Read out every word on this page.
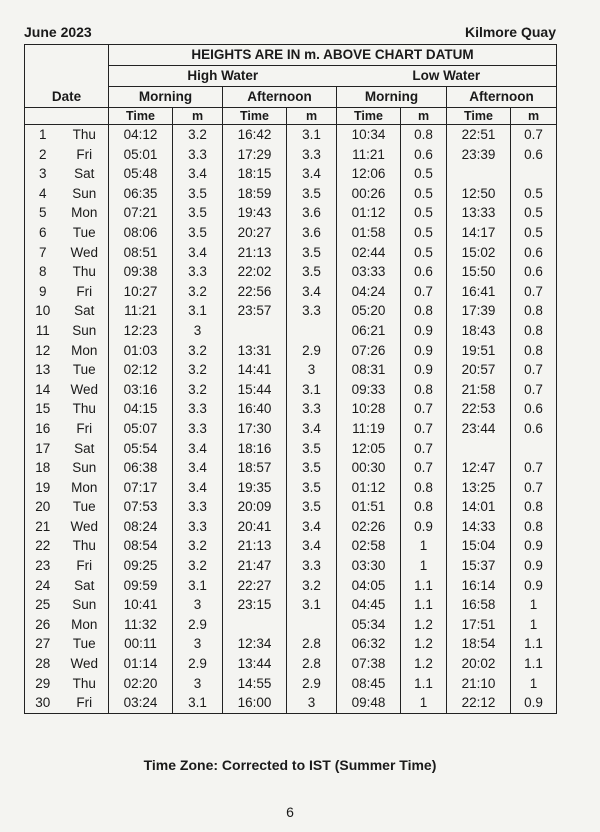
June 2023	Kilmore Quay
		HEIGHTS ARE IN m. ABOVE CHART DATUM							
		High Water				Low Water			
Date		Morning		Afternoon		Morning		Afternoon	
		Time	m	Time	m	Time	m	Time	m
1	Thu	04:12	3.2	16:42	3.1	10:34	0.8	22:51	0.7
2	Fri	05:01	3.3	17:29	3.3	11:21	0.6	23:39	0.6
3	Sat	05:48	3.4	18:15	3.4	12:06	0.5		
4	Sun	06:35	3.5	18:59	3.5	00:26	0.5	12:50	0.5
5	Mon	07:21	3.5	19:43	3.6	01:12	0.5	13:33	0.5
6	Tue	08:06	3.5	20:27	3.6	01:58	0.5	14:17	0.5
7	Wed	08:51	3.4	21:13	3.5	02:44	0.5	15:02	0.6
8	Thu	09:38	3.3	22:02	3.5	03:33	0.6	15:50	0.6
9	Fri	10:27	3.2	22:56	3.4	04:24	0.7	16:41	0.7
10	Sat	11:21	3.1	23:57	3.3	05:20	0.8	17:39	0.8
11	Sun	12:23	3			06:21	0.9	18:43	0.8
12	Mon	01:03	3.2	13:31	2.9	07:26	0.9	19:51	0.8
13	Tue	02:12	3.2	14:41	3	08:31	0.9	20:57	0.7
14	Wed	03:16	3.2	15:44	3.1	09:33	0.8	21:58	0.7
15	Thu	04:15	3.3	16:40	3.3	10:28	0.7	22:53	0.6
16	Fri	05:07	3.3	17:30	3.4	11:19	0.7	23:44	0.6
17	Sat	05:54	3.4	18:16	3.5	12:05	0.7		
18	Sun	06:38	3.4	18:57	3.5	00:30	0.7	12:47	0.7
19	Mon	07:17	3.4	19:35	3.5	01:12	0.8	13:25	0.7
20	Tue	07:53	3.3	20:09	3.5	01:51	0.8	14:01	0.8
21	Wed	08:24	3.3	20:41	3.4	02:26	0.9	14:33	0.8
22	Thu	08:54	3.2	21:13	3.4	02:58	1	15:04	0.9
23	Fri	09:25	3.2	21:47	3.3	03:30	1	15:37	0.9
24	Sat	09:59	3.1	22:27	3.2	04:05	1.1	16:14	0.9
25	Sun	10:41	3	23:15	3.1	04:45	1.1	16:58	1
26	Mon	11:32	2.9			05:34	1.2	17:51	1
27	Tue	00:11	3	12:34	2.8	06:32	1.2	18:54	1.1
28	Wed	01:14	2.9	13:44	2.8	07:38	1.2	20:02	1.1
29	Thu	02:20	3	14:55	2.9	08:45	1.1	21:10	1
30	Fri	03:24	3.1	16:00	3	09:48	1	22:12	0.9
Time Zone: Corrected to IST (Summer Time)
6
